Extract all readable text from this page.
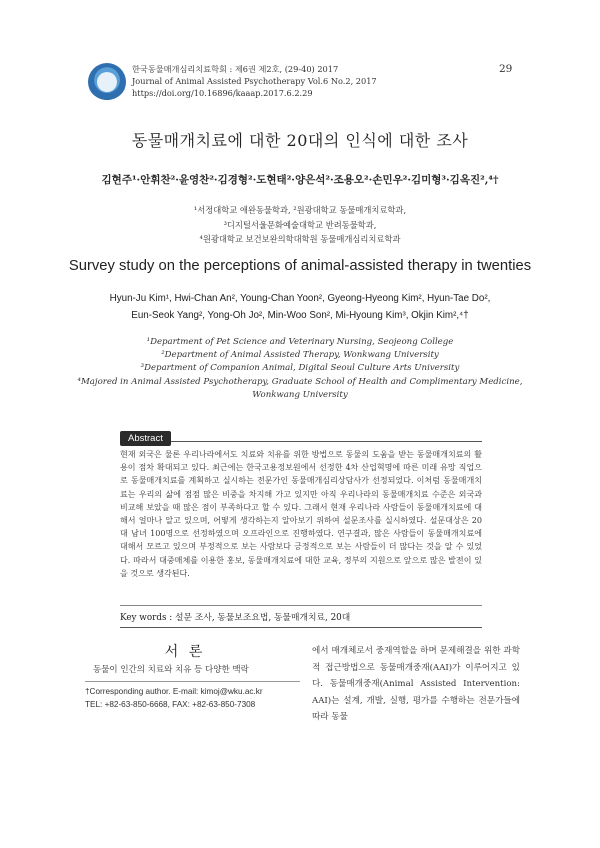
한국동물매개심리치료학회 : 제6권 제2호, (29-40) 2017
Journal of Animal Assisted Psychotherapy Vol.6 No.2, 2017
https://doi.org/10.16896/kaaap.2017.6.2.29
29
동물매개치료에 대한 20대의 인식에 대한 조사
김현주¹·안휘찬²·윤영찬²·김경형²·도현태²·양은석²·조용오²·손민우²·김미형³·김옥진²,⁴†
¹서정대학교 애완동물학과, ²원광대학교 동물매개치료학과,
³디지털서울문화예술대학교 반려동물학과,
⁴원광대학교 보건보완의학대학원 동물매개심리치료학과
Survey study on the perceptions of animal-assisted therapy in twenties
Hyun-Ju Kim¹, Hwi-Chan An², Young-Chan Yoon², Gyeong-Hyeong Kim², Hyun-Tae Do²,
Eun-Seok Yang², Yong-Oh Jo², Min-Woo Son², Mi-Hyoung Kim³, Okjin Kim²,⁴†
¹Department of Pet Science and Veterinary Nursing, Seojeong College
²Department of Animal Assisted Therapy, Wonkwang University
³Department of Companion Animal, Digital Seoul Culture Arts University
⁴Majored in Animal Assisted Psychotherapy, Graduate School of Health and Complimentary Medicine,
Wonkwang University
Abstract
현재 외국은 물론 우리나라에서도 치료와 치유를 위한 방법으로 동물의 도움을 받는 동물매개치료의 활용이 점차 확대되고 있다. 최근에는 한국고용정보원에서 선정한 4차 산업혁명에 따른 미래 유망 직업으로 동물매개치료를 계획하고 실시하는 전문가인 동물매개심리상담사가 선정되었다. 이처럼 동물매개치료는 우리의 삶에 점점 많은 비중을 차지해 가고 있지만 아직 우리나라의 동물매개치료 수준은 외국과 비교해 보았을 때 많은 점이 부족하다고 할 수 있다. 그래서 현재 우리나라 사람들이 동물매개치료에 대해서 얼마나 알고 있으며, 어떻게 생각하는지 알아보기 위하여 설문조사를 실시하였다. 설문대상은 20대 남녀 100명으로 선정하였으며 오프라인으로 진행하였다. 연구결과, 많은 사람들이 동물매개치료에 대해서 모르고 있으며 부정적으로 보는 사람보다 긍정적으로 보는 사람들이 더 많다는 것을 알 수 있었다. 따라서 대중매체를 이용한 홍보, 동물매개치료에 대한 교육, 정부의 지원으로 앞으로 많은 발전이 있을 것으로 생각된다.
Key words : 설문 조사, 동물보조요법, 동물매개치료, 20대
서 론
동물이 인간의 치료와 치유 등 다양한 맥락
†Corresponding author. E-mail: kimoj@wku.ac.kr
TEL: +82-63-850-6668, FAX: +82-63-850-7308
에서 매개체로서 중재역할을 하며 문제해결을 위한 과학적 접근방법으로 동물매개중재(AAI)가 이루어지고 있다. 동물매개중재(Animal Assisted Intervention: AAI)는 설계, 개발, 실행, 평가를 수행하는 전문가들에 따라 동물
